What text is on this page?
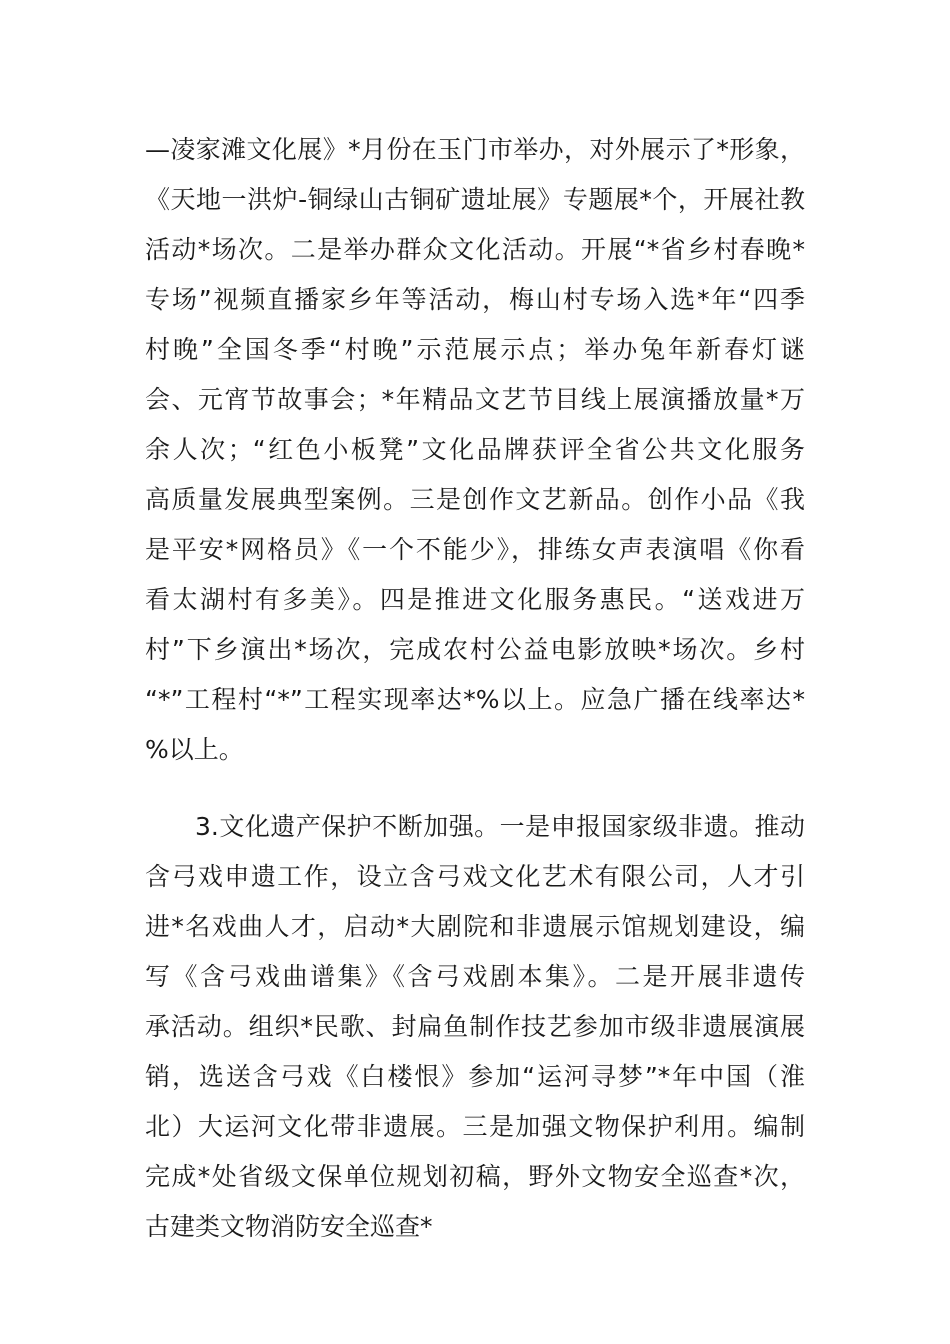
—凌家滩文化展》*月份在玉门市举办，对外展示了*形象，
《天地一洪炉-铜绿山古铜矿遗址展》专题展*个，开展社教
活动*场次。二是举办群众文化活动。开展“*省乡村春晚*
专场”视频直播家乡年等活动，梅山村专场入选*年“四季
村晚”全国冬季“村晚”示范展示点；举办兔年新春灯谜
会、元宵节故事会；*年精品文艺节目线上展演播放量*万
余人次；“红色小板凳”文化品牌获评全省公共文化服务
高质量发展典型案例。三是创作文艺新品。创作小品《我
是平安*网格员》《一个不能少》，排练女声表演唱《你看
看太湖村有多美》。四是推进文化服务惠民。“送戏进万
村”下乡演出*场次，完成农村公益电影放映*场次。乡村
“*”工程村“*”工程实现率达*%以上。应急广播在线率达*
%以上。
3.文化遗产保护不断加强。一是申报国家级非遗。推动
含弓戏申遗工作，设立含弓戏文化艺术有限公司，人才引
进*名戏曲人才，启动*大剧院和非遗展示馆规划建设，编
写《含弓戏曲谱集》《含弓戏剧本集》。二是开展非遗传
承活动。组织*民歌、封扁鱼制作技艺参加市级非遗展演展
销，选送含弓戏《白楼恨》参加“运河寻梦”*年中国（淮
北）大运河文化带非遗展。三是加强文物保护利用。编制
完成*处省级文保单位规划初稿，野外文物安全巡查*次，
古建类文物消防安全巡查*
